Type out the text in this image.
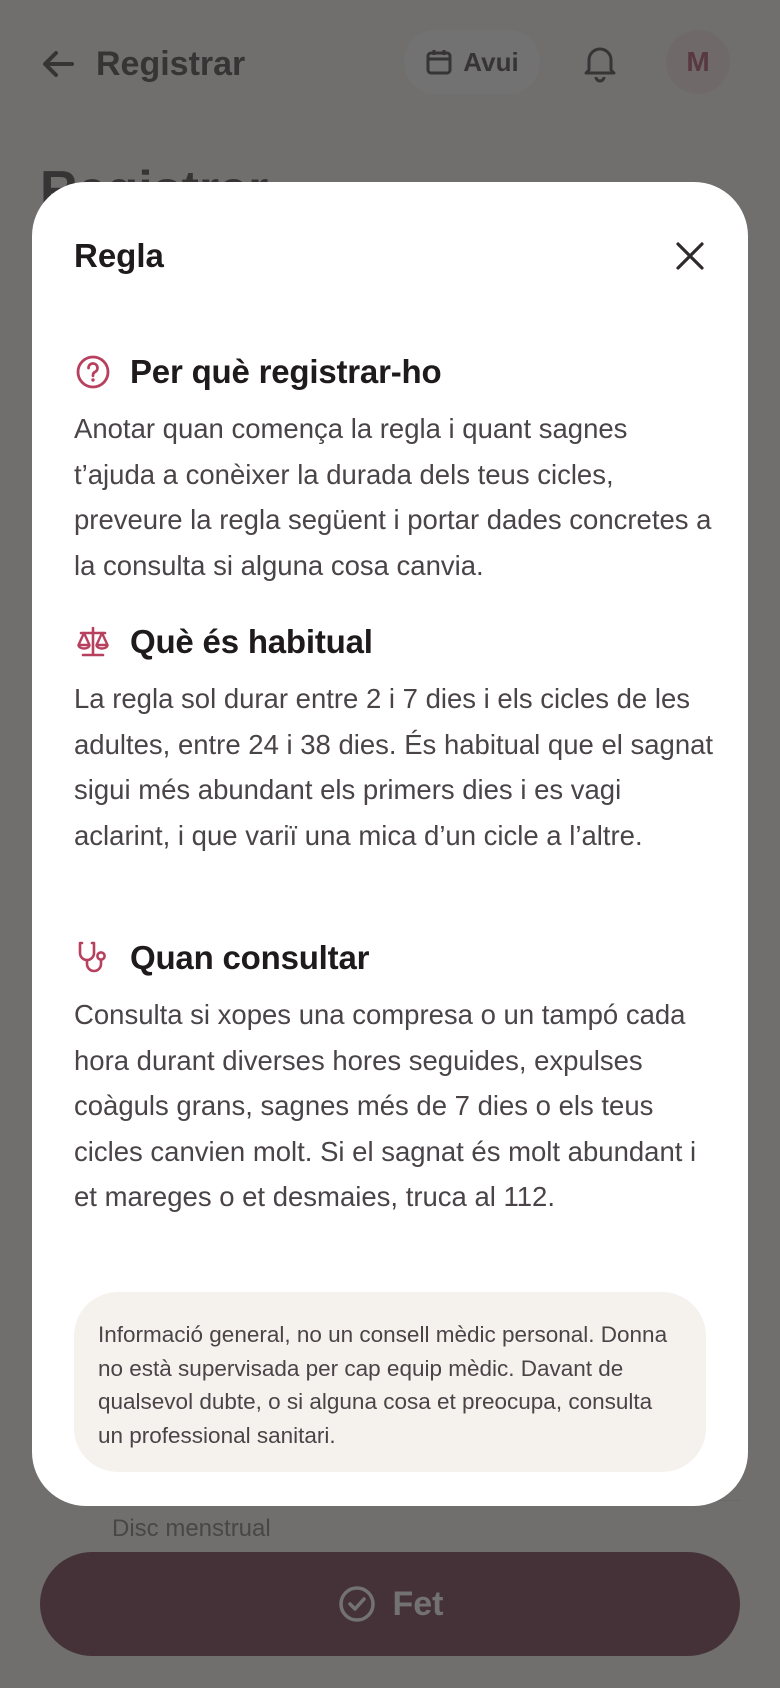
Regla
Per què registrar-ho
Anotar quan comença la regla i quant sagnes t’ajuda a conèixer la durada dels teus cicles, preveure la regla següent i portar dades concretes a la consulta si alguna cosa canvia.
Què és habitual
La regla sol durar entre 2 i 7 dies i els cicles de les adultes, entre 24 i 38 dies. És habitual que el sagnat sigui més abundant els primers dies i es vagi aclarint, i que variï una mica d’un cicle a l’altre.
Quan consultar
Consulta si xopes una compresa o un tampó cada hora durant diverses hores seguides, expulses coàguls grans, sagnes més de 7 dies o els teus cicles canvien molt. Si el sagnat és molt abundant i et mareges o et desmaies, truca al 112.
Informació general, no un consell mèdic personal. Donna no està supervisada per cap equip mèdic. Davant de qualsevol dubte, o si alguna cosa et preocupa, consulta un professional sanitari.
